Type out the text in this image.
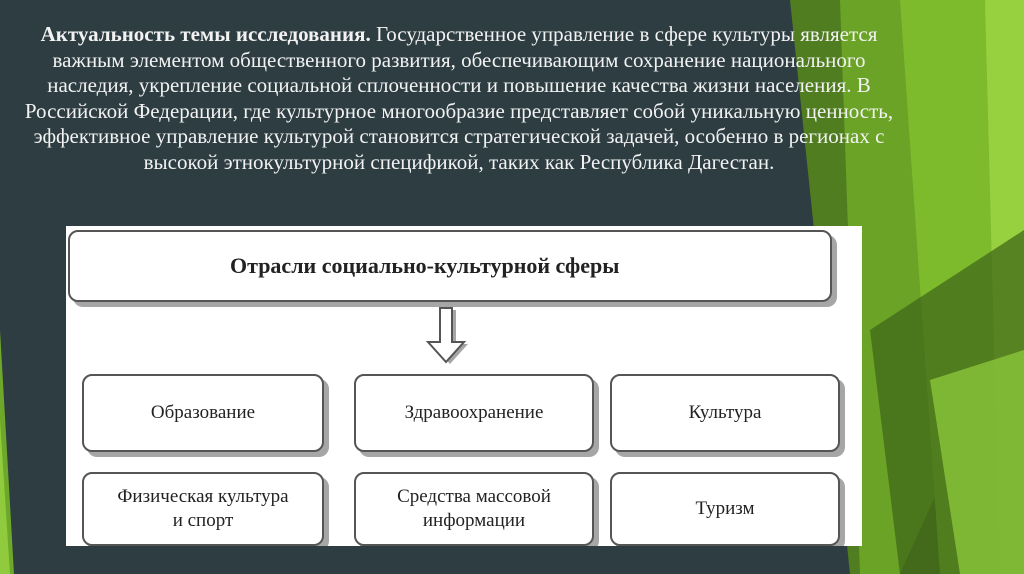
Актуальность темы исследования. Государственное управление в сфере культуры является важным элементом общественного развития, обеспечивающим сохранение национального наследия, укрепление социальной сплоченности и повышение качества жизни населения. В Российской Федерации, где культурное многообразие представляет собой уникальную ценность, эффективное управление культурой становится стратегической задачей, особенно в регионах с высокой этнокультурной спецификой, таких как Республика Дагестан.
Отрасли социально-культурной сферы
Образование	Здравоохранение	Культура
Физическая культура
и спорт
Средства массовой
информации
Туризм
